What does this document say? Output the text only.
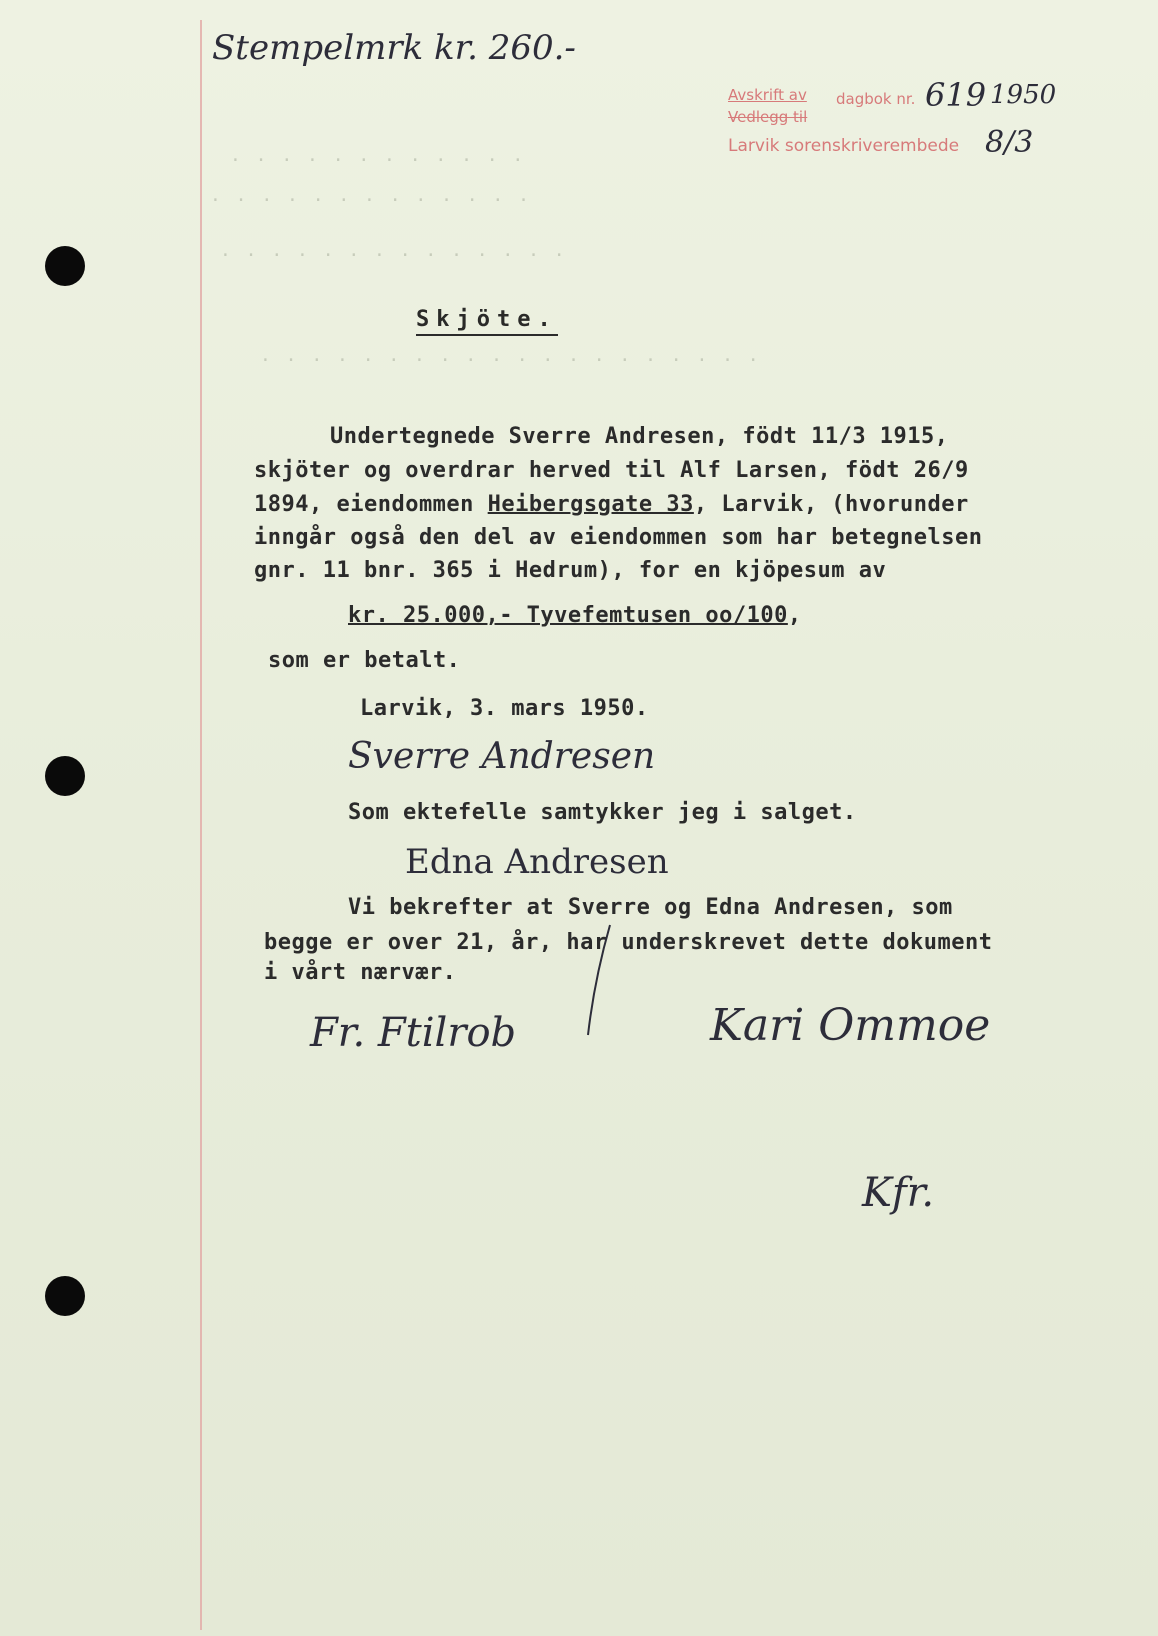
· · · · · · · · · · · ·
· · · · · · · · · · · · ·
· · · · · · · · · · · · · ·
· · · · · · · · · · · · · · · · · · · ·
Stempelmrk kr. 260.-
Avskrift av dagbok nr. 619 1950
Vedlegg til
Larvik sorenskriverembede 8/3
Skjöte.
Undertegnede Sverre Andresen, födt 11/3 1915,
skjöter og overdrar herved til Alf Larsen, födt 26/9
1894, eiendommen Heibergsgate 33, Larvik, (hvorunder
inngår også den del av eiendommen som har betegnelsen
gnr. 11 bnr. 365 i Hedrum), for en kjöpesum av
kr. 25.000,- Tyvefemtusen oo/100,
som er betalt.
Larvik, 3. mars 1950.
Sverre Andresen
Som ektefelle samtykker jeg i salget.
Edna Andresen
Vi bekrefter at Sverre og Edna Andresen, som
begge er over 21, år, har underskrevet dette dokument
i vårt nærvær.
Fr. Ftilrob	Kari Ommoe
Kfr.
